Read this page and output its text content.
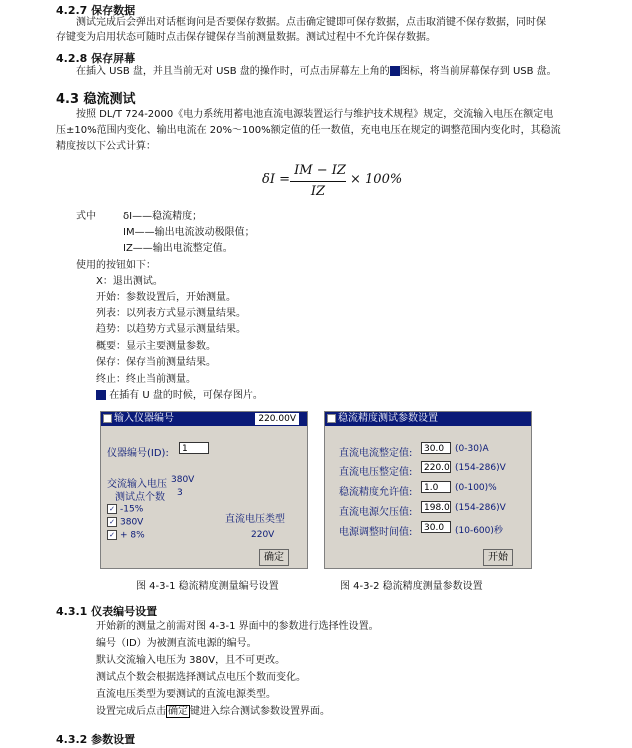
4.2.7 保存数据
测试完成后会弹出对话框询问是否要保存数据。点击确定键即可保存数据，点击取消键不保存数据，同时保
存键变为启用状态可随时点击保存键保存当前测量数据。测试过程中不允许保存数据。
4.2.8 保存屏幕
在插入 USB 盘，并且当前无对 USB 盘的操作时，可点击屏幕左上角的 图标，将当前屏幕保存到 USB 盘。
4.3 稳流测试
按照 DL/T 724-2000《电力系统用蓄电池直流电源装置运行与维护技术规程》规定，交流输入电压在额定电
压±10%范围内变化、输出电流在 20%～100%额定值的任一数值，充电电压在规定的调整范围内变化时，其稳流
精度按以下公式计算：
δI =
IM − IZ
IZ
× 100%
式中	δI——稳流精度；
IM——输出电流波动极限值；
IZ——输出电流整定值。
使用的按钮如下：
X：退出测试。
开始：参数设置后，开始测量。
列表：以列表方式显示测量结果。
趋势：以趋势方式显示测量结果。
概要：显示主要测量参数。
保存：保存当前测量结果。
终止：终止当前测量。
在插有 U 盘的时候，可保存图片。
输入仪器编号	220.00V
仪器编号(ID):	1
交流输入电压 380V
测试点个数 3
✓ -15%
✓ 380V
✓ + 8%
直流电压类型
220V
确定
稳流精度测试参数设置
直流电流整定值:	30.0	(0-30)A
直流电压整定值:	220.0 (154-286)V
稳流精度允许值:	1.0	(0-100)%
直流电源欠压值:	198.0 (154-286)V
电源调整时间值:	30.0	(10-600)秒
开始
图 4-3-1 稳流精度测量编号设置	图 4-3-2 稳流精度测量参数设置
4.3.1 仪表编号设置
开始新的测量之前需对图 4-3-1 界面中的参数进行选择性设置。
编号（ID）为被测直流电源的编号。
默认交流输入电压为 380V，且不可更改。
测试点个数会根据选择测试点电压个数而变化。
直流电压类型为要测试的直流电源类型。
设置完成后点击 确定 键进入综合测试参数设置界面。
4.3.2 参数设置
